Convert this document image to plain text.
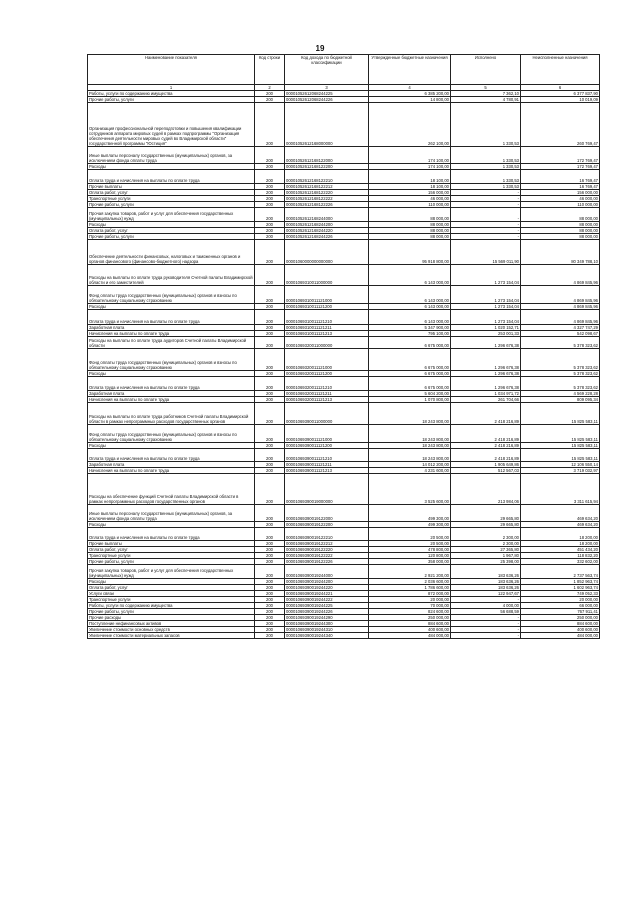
19
Наименование показателя	Код строки	Код дохода по бюджетной классификации	Утвержденные бюджетные назначения	Исполнено	Неисполненные назначения
1	2	3	4	5	6
Работы, услуги по содержанию имущества	200	00001052612068244225	6 385 200,00	7 362,10	6 377 837,90
Прочие работы, услуги	200	00001052612068244226	14 800,00	4 780,91	10 019,09
Организация профессиональной переподготовки и повышения квалификации сотрудников аппарата мировых судей в рамках подпрограммы "Организация обеспечения деятельности мировых судей во Владимирской области" государственной программы "Юстиция"	200	00001052612168000000	262 100,00	1 330,53	260 769,47
Иные выплаты персоналу государственных (муниципальных) органов, за исключением фонда оплаты труда	200	00001052612168122000	174 100,00	1 330,53	172 769,47
Расходы	200	00001052612168122200	174 100,00	1 330,53	172 769,47
Оплата труда и начисления на выплаты по оплате труда	200	00001052612168122210	18 100,00	1 330,53	16 769,47
Прочие выплаты	200	00001052612168122212	18 100,00	1 330,53	16 769,47
Оплата работ, услуг	200	00001052612168122220	156 000,00	-	156 000,00
Транспортные услуги	200	00001052612168122222	46 000,00	-	46 000,00
Прочие работы, услуги	200	00001052612168122226	110 000,00	-	110 000,00
Прочая закупка товаров, работ и услуг для обеспечения государственных (муниципальных) нужд	200	00001052612168244000	88 000,00	-	88 000,00
Расходы	200	00001052612168244200	88 000,00	-	88 000,00
Оплата работ, услуг	200	00001052612168244220	88 000,00	-	88 000,00
Прочие работы, услуги	200	00001052612168244226	88 000,00	-	88 000,00
Обеспечение деятельности финансовых, налоговых и таможенных органов и органов финансового (финансово-бюджетного) надзора	200	00001060000000000000	95 918 800,00	15 569 011,90	80 349 788,10
Расходы на выплаты по оплате труда руководителя Счетной палаты Владимирской области и его заместителей	200	00001069310011000000	6 143 000,00	1 273 154,04	4 869 845,96
Фонд оплаты труда государственных (муниципальных) органов и взносы по обязательному социальному страхованию	200	00001069310011121000	6 143 000,00	1 273 154,04	4 869 845,96
Расходы	200	00001069310011121200	6 143 000,00	1 273 154,04	4 869 845,96
Оплата труда и начисления на выплаты по оплате труда	200	00001069310011121210	6 143 000,00	1 273 154,04	4 869 845,96
Заработная плата	200	00001069310011121211	5 347 900,00	1 020 152,71	4 327 747,29
Начисления на выплаты по оплате труда	200	00001069310011121213	795 100,00	253 001,33	542 098,67
Расходы на выплаты по оплате труда аудиторов Счетной палаты Владимирской области	200	00001069320011000000	6 675 000,00	1 296 676,38	5 378 323,62
Фонд оплаты труда государственных (муниципальных) органов и взносы по обязательному социальному страхованию	200	00001069320011121000	6 675 000,00	1 296 676,38	5 378 323,62
Расходы	200	00001069320011121200	6 675 000,00	1 296 676,38	5 378 323,62
Оплата труда и начисления на выплаты по оплате труда	200	00001069320011121210	6 675 000,00	1 296 676,38	5 378 323,62
Заработная плата	200	00001069320011121211	5 604 200,00	1 034 971,72	4 569 228,28
Начисления на выплаты по оплате труда	200	00001069320011121213	1 070 800,00	261 704,66	809 095,34
Расходы на выплаты по оплате труда работников Счетной палаты Владимирской области в рамках непрограммных расходов государственных органов	200	00001069390011000000	18 243 800,00	2 418 216,89	15 825 583,11
Фонд оплаты труда государственных (муниципальных) органов и взносы по обязательному социальному страхованию	200	00001069390011121000	18 243 800,00	2 418 216,89	15 825 583,11
Расходы	200	00001069390011121200	18 243 800,00	2 418 216,89	15 825 583,11
Оплата труда и начисления на выплаты по оплате труда	200	00001069390011121210	18 243 800,00	2 418 216,89	15 825 583,11
Заработная плата	200	00001069390011121211	14 012 200,00	1 905 649,86	12 106 550,14
Начисления на выплаты по оплате труда	200	00001069390011121213	4 231 600,00	512 567,03	3 719 032,97
Расходы на обеспечение функций Счетной палаты Владимирской области в рамках непрограммных расходов государственных органов	200	00001069390019000000	3 525 600,00	213 984,06	3 311 615,94
Иные выплаты персоналу государственных (муниципальных) органов, за исключением фонда оплаты труда	200	00001069390019122000	499 300,00	29 665,80	469 634,20
Расходы	200	00001069390019122200	499 300,00	29 665,80	469 634,20
Оплата труда и начисления на выплаты по оплате труда	200	00001069390019122210	20 500,00	2 300,00	18 200,00
Прочие выплаты	200	00001069390019122212	20 500,00	2 300,00	18 200,00
Оплата работ, услуг	200	00001069390019122220	478 800,00	27 365,80	451 434,20
Транспортные услуги	200	00001069390019122222	120 800,00	1 967,80	118 832,20
Прочие работы, услуги	200	00001069390019122226	358 000,00	25 398,00	332 602,00
Прочая закупка товаров, работ и услуг для обеспечения государственных (муниципальных) нужд	200	00001069390019244000	2 921 200,00	183 636,26	2 737 563,74
Расходы	200	00001069390019244200	2 036 600,00	183 636,26	1 852 963,74
Оплата работ, услуг	200	00001069390019244220	1 786 600,00	183 636,26	1 602 963,74
Услуги связи	200	00001069390019244221	872 000,00	122 947,67	749 052,33
Транспортные услуги	200	00001069390019244222	20 000,00	-	20 000,00
Работы, услуги по содержанию имущества	200	00001069390019244225	70 000,00	4 000,00	66 000,00
Прочие работы, услуги	200	00001069390019244226	824 600,00	56 688,59	767 911,41
Прочие расходы	200	00001069390019244290	250 000,00	-	250 000,00
Поступление нефинансовых активов	200	00001069390019244300	884 600,00	-	884 600,00
Увеличение стоимости основных средств	200	00001069390019244310	400 600,00	-	400 600,00
Увеличение стоимости материальных запасов	200	00001069390019244340	484 000,00	-	484 000,00
